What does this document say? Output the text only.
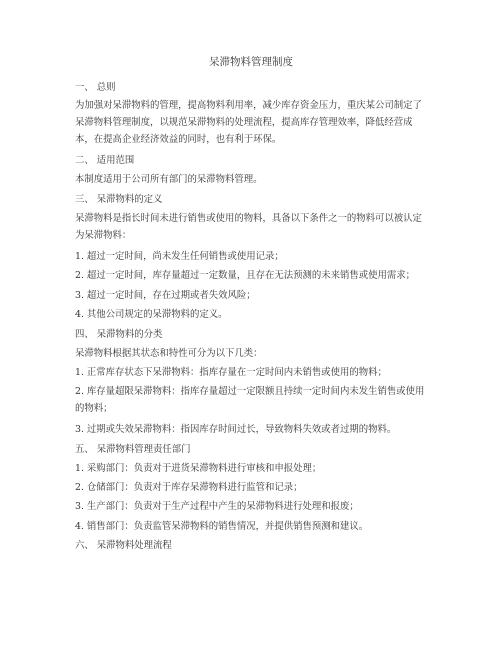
呆滞物料管理制度
一、 总则
为加强对呆滞物料的管理，提高物料利用率，减少库存资金压力，重庆某公司制定了呆滞物料管理制度，以规范呆滞物料的处理流程，提高库存管理效率，降低经营成本，在提高企业经济效益的同时，也有利于环保。
二、 适用范围
本制度适用于公司所有部门的呆滞物料管理。
三、 呆滞物料的定义
呆滞物料是指长时间未进行销售或使用的物料，具备以下条件之一的物料可以被认定为呆滞物料：
1. 超过一定时间，尚未发生任何销售或使用记录；
2. 超过一定时间，库存量超过一定数量，且存在无法预测的未来销售或使用需求；
3. 超过一定时间，存在过期或者失效风险；
4. 其他公司规定的呆滞物料的定义。
四、 呆滞物料的分类
呆滞物料根据其状态和特性可分为以下几类：
1. 正常库存状态下呆滞物料：指库存量在一定时间内未销售或使用的物料；
2. 库存量超限呆滞物料：指库存量超过一定限额且持续一定时间内未发生销售或使用的物料；
3. 过期或失效呆滞物料：指因库存时间过长，导致物料失效或者过期的物料。
五、 呆滞物料管理责任部门
1. 采购部门：负责对于进货呆滞物料进行审核和申报处理；
2. 仓储部门：负责对于库存呆滞物料进行监管和记录；
3. 生产部门：负责对于生产过程中产生的呆滞物料进行处理和报废；
4. 销售部门：负责监管呆滞物料的销售情况，并提供销售预测和建议。
六、 呆滞物料处理流程
